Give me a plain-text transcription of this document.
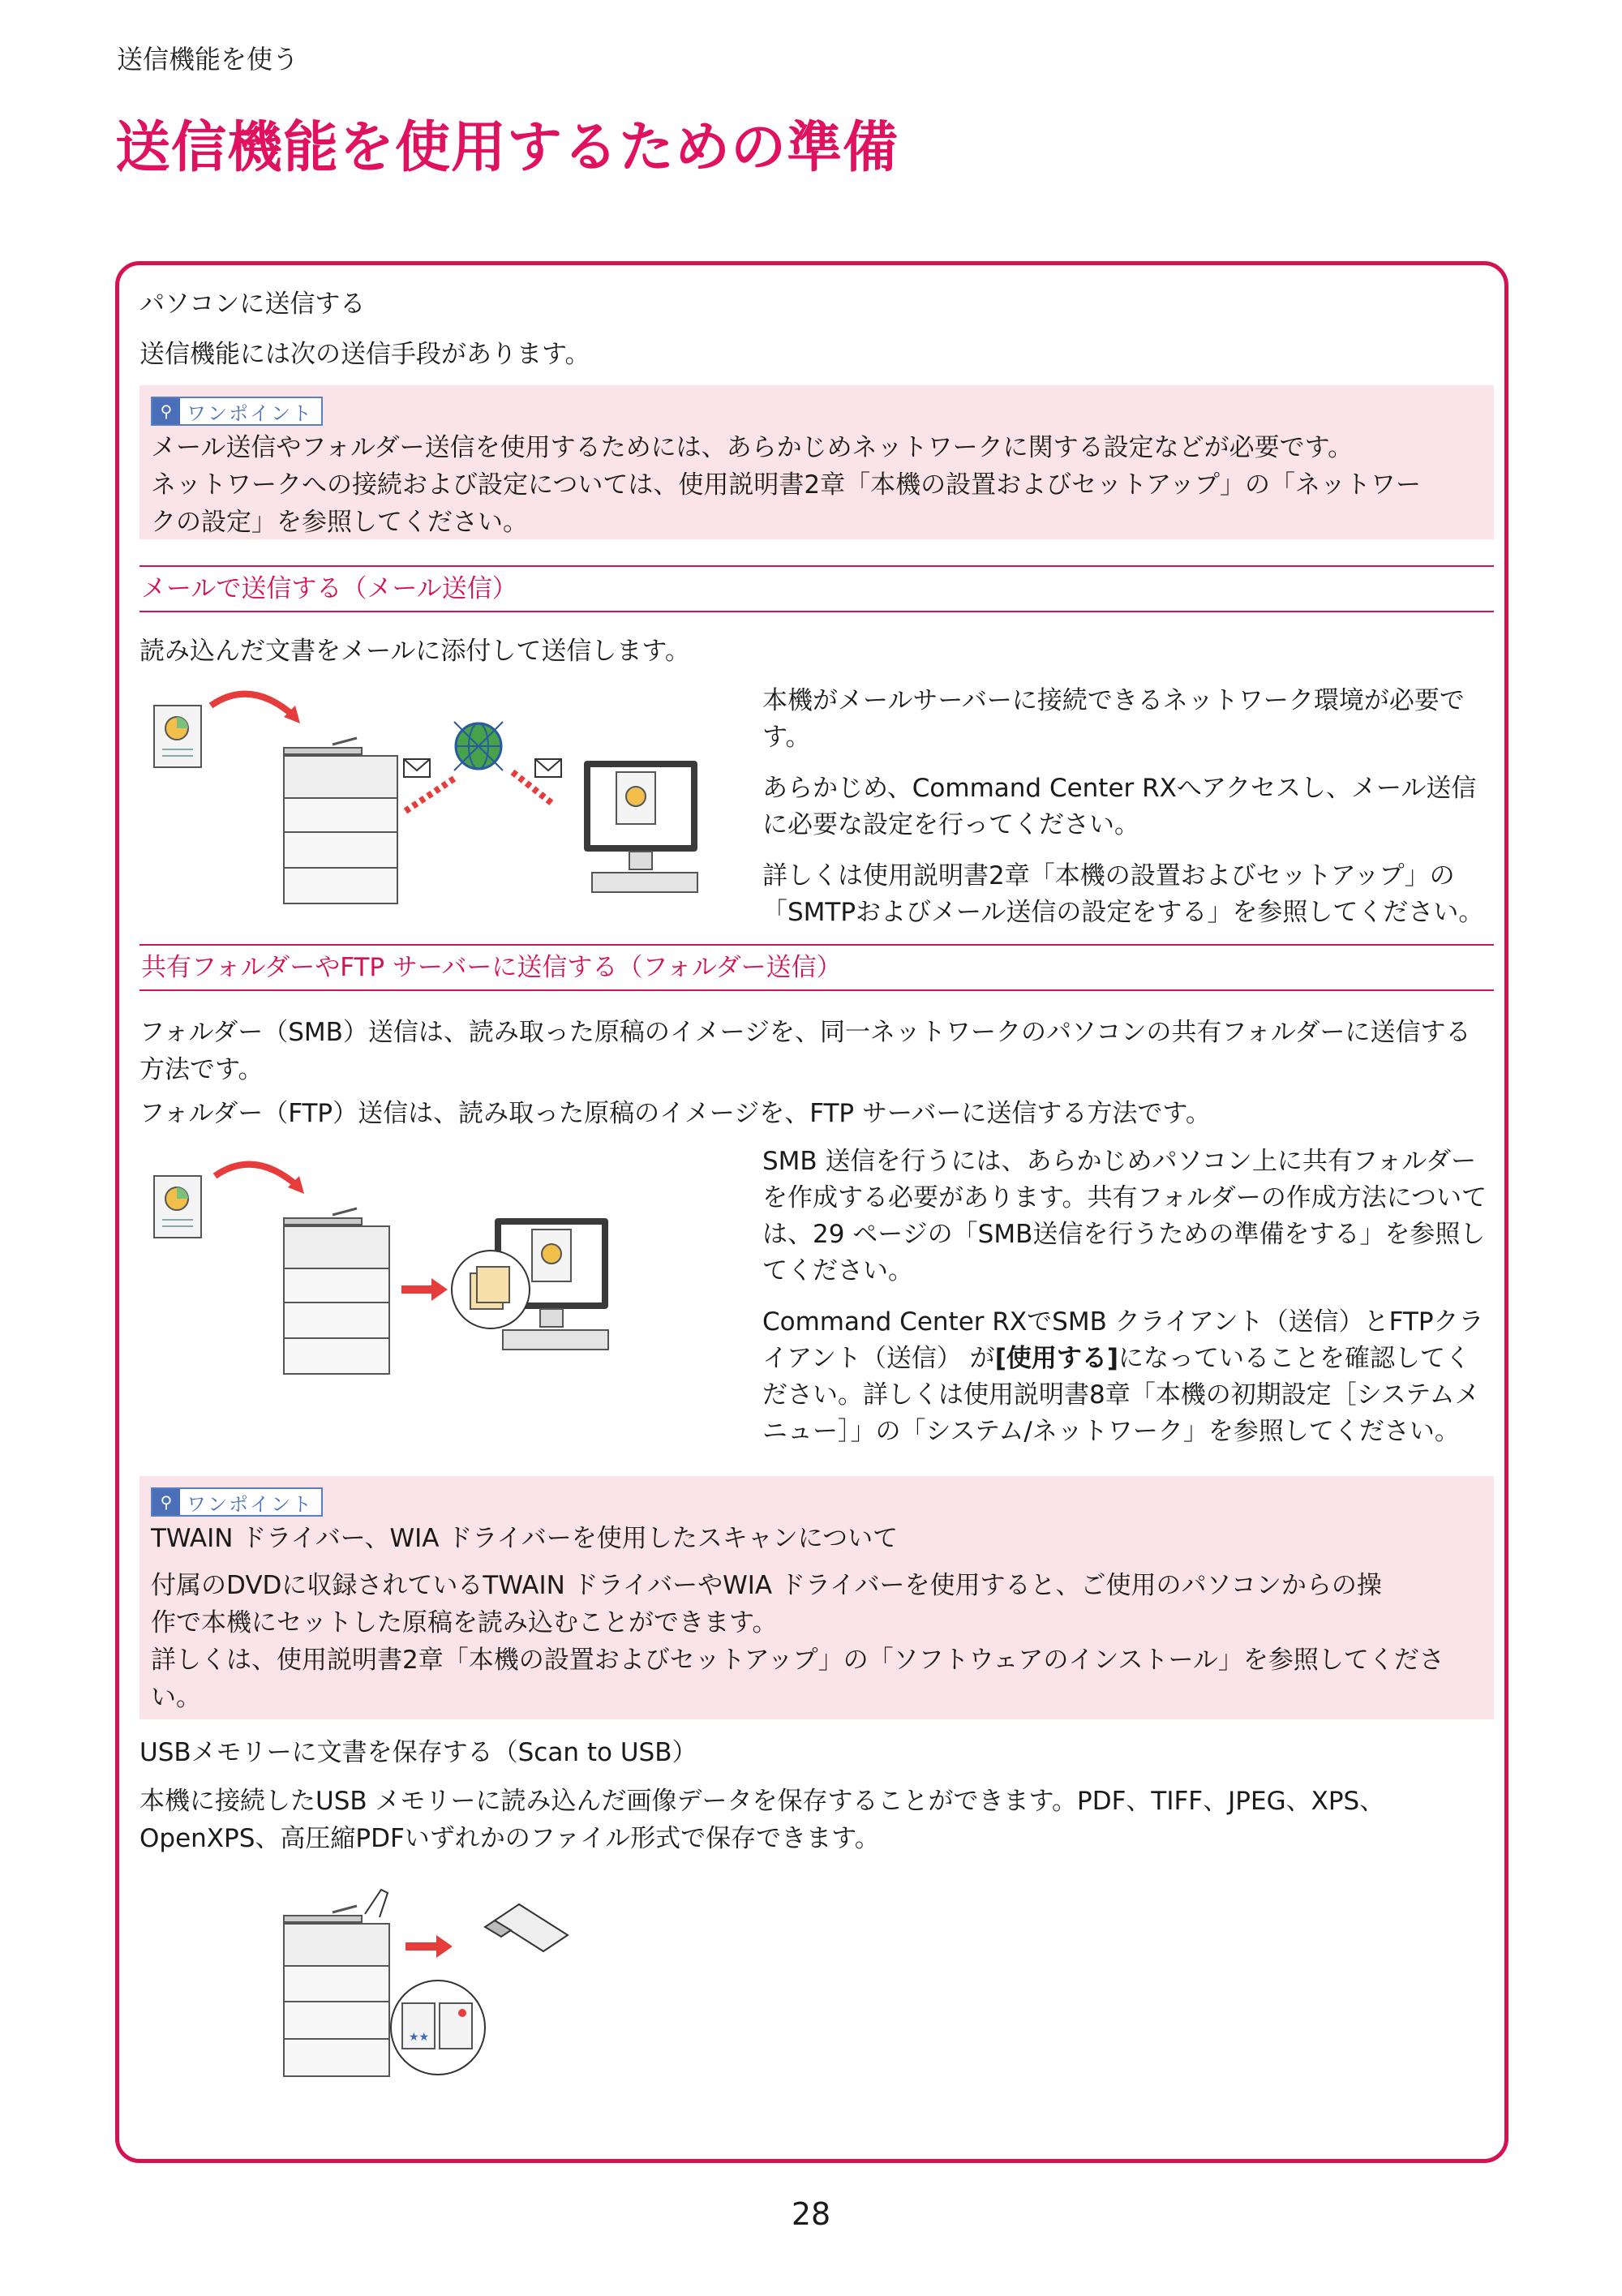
送信機能を使う
送信機能を使用するための準備
パソコンに送信する
送信機能には次の送信手段があります。
⚲ ワンポイント

メール送信やフォルダー送信を使用するためには、あらかじめネットワークに関する設定などが必要です。

ネットワークへの接続および設定については、使用説明書2章「本機の設置およびセットアップ」の「ネットワー

クの設定」を参照してください。

メールで送信する（メール送信）
読み込んだ文書をメールに添付して送信します。

本機がメールサーバーに接続できるネットワーク環境が必要です。

あらかじめ、Command Center RXへアクセスし、メール送信に必要な設定を行ってください。

詳しくは使用説明書2章「本機の設置およびセットアップ」の「SMTPおよびメール送信の設定をする」を参照してください。

共有フォルダーやFTP サーバーに送信する（フォルダー送信）
フォルダー（SMB）送信は、読み取った原稿のイメージを、同一ネットワークのパソコンの共有フォルダーに送信する方法です。
フォルダー（FTP）送信は、読み取った原稿のイメージを、FTP サーバーに送信する方法です。

SMB 送信を行うには、あらかじめパソコン上に共有フォルダーを作成する必要があります。共有フォルダーの作成方法については、29 ページの「SMB送信を行うための準備をする」を参照してください。

Command Center RXでSMB クライアント（送信）とFTPクライアント（送信） が[使用する]になっていることを確認してください。詳しくは使用説明書8章「本機の初期設定［システムメニュー］」の「システム/ネットワーク」を参照してください。

⚲ ワンポイント

TWAIN ドライバー、WIA ドライバーを使用したスキャンについて

付属のDVDに収録されているTWAIN ドライバーやWIA ドライバーを使用すると、ご使用のパソコンからの操

作で本機にセットした原稿を読み込むことができます。

詳しくは、使用説明書2章「本機の設置およびセットアップ」の「ソフトウェアのインストール」を参照してくださ

い。

USBメモリーに文書を保存する（Scan to USB）
本機に接続したUSB メモリーに読み込んだ画像データを保存することができます。PDF、TIFF、JPEG、XPS、
OpenXPS、高圧縮PDFいずれかのファイル形式で保存できます。
★★
28
